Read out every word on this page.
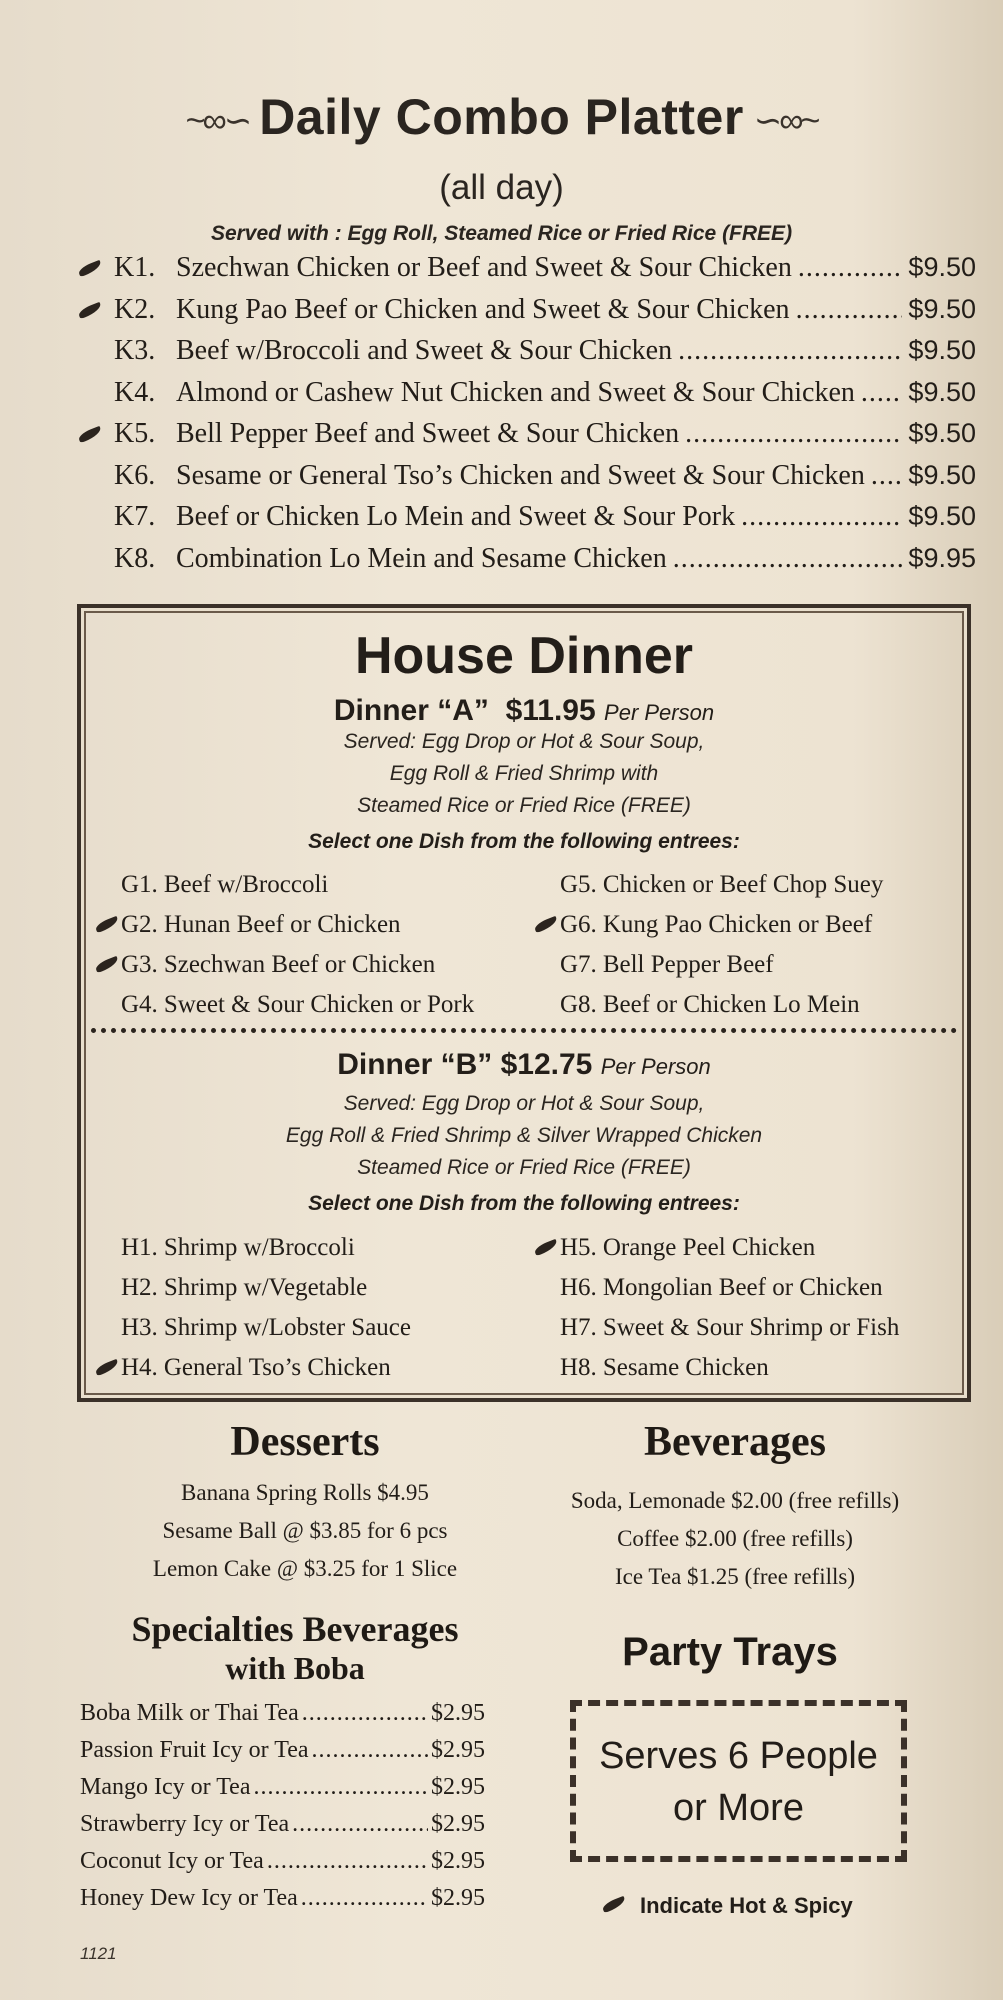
~∞∽ Daily Combo Platter ∽∞~
(all day)
Served with : Egg Roll, Steamed Rice or Fried Rice (FREE)
K1. Szechwan Chicken or Beef and Sweet & Sour Chicken .....	$9.50
K2. Kung Pao Beef or Chicken and Sweet & Sour Chicken .....	$9.50
K3. Beef w/Broccoli and Sweet & Sour Chicken .....	$9.50
K4. Almond or Cashew Nut Chicken and Sweet & Sour Chicken ..... $9.50
K5. Bell Pepper Beef and Sweet & Sour Chicken .....	$9.50
K6. Sesame or General Tso’s Chicken and Sweet & Sour Chicken ..... $9.50
K7. Beef or Chicken Lo Mein and Sweet & Sour Pork .....	$9.50
K8. Combination Lo Mein and Sesame Chicken .....	$9.95
House Dinner
Dinner “A” $11.95 Per Person
Served: Egg Drop or Hot & Sour Soup,
Egg Roll & Fried Shrimp with
Steamed Rice or Fried Rice (FREE)
Select one Dish from the following entrees:
G1. Beef w/Broccoli
G2. Hunan Beef or Chicken
G3. Szechwan Beef or Chicken
G4. Sweet & Sour Chicken or Pork
G5. Chicken or Beef Chop Suey
G6. Kung Pao Chicken or Beef
G7. Bell Pepper Beef
G8. Beef or Chicken Lo Mein
Dinner “B” $12.75 Per Person
Served: Egg Drop or Hot & Sour Soup,
Egg Roll & Fried Shrimp & Silver Wrapped Chicken
Steamed Rice or Fried Rice (FREE)
Select one Dish from the following entrees:
H1. Shrimp w/Broccoli
H2. Shrimp w/Vegetable
H3. Shrimp w/Lobster Sauce
H4. General Tso’s Chicken
H5. Orange Peel Chicken
H6. Mongolian Beef or Chicken
H7. Sweet & Sour Shrimp or Fish
H8. Sesame Chicken
Desserts
Banana Spring Rolls $4.95
Sesame Ball @ $3.85 for 6 pcs
Lemon Cake @ $3.25 for 1 Slice
Beverages
Soda, Lemonade $2.00 (free refills)
Coffee $2.00 (free refills)
Ice Tea $1.25 (free refills)
Specialties Beverages
with Boba
Boba Milk or Thai Tea .....	$2.95
Passion Fruit Icy or Tea .....	$2.95
Mango Icy or Tea .....	$2.95
Strawberry Icy or Tea .....	$2.95
Coconut Icy or Tea .....	$2.95
Honey Dew Icy or Tea .....	$2.95
Party Trays
Serves 6 People
or More
Indicate Hot & Spicy
1121
